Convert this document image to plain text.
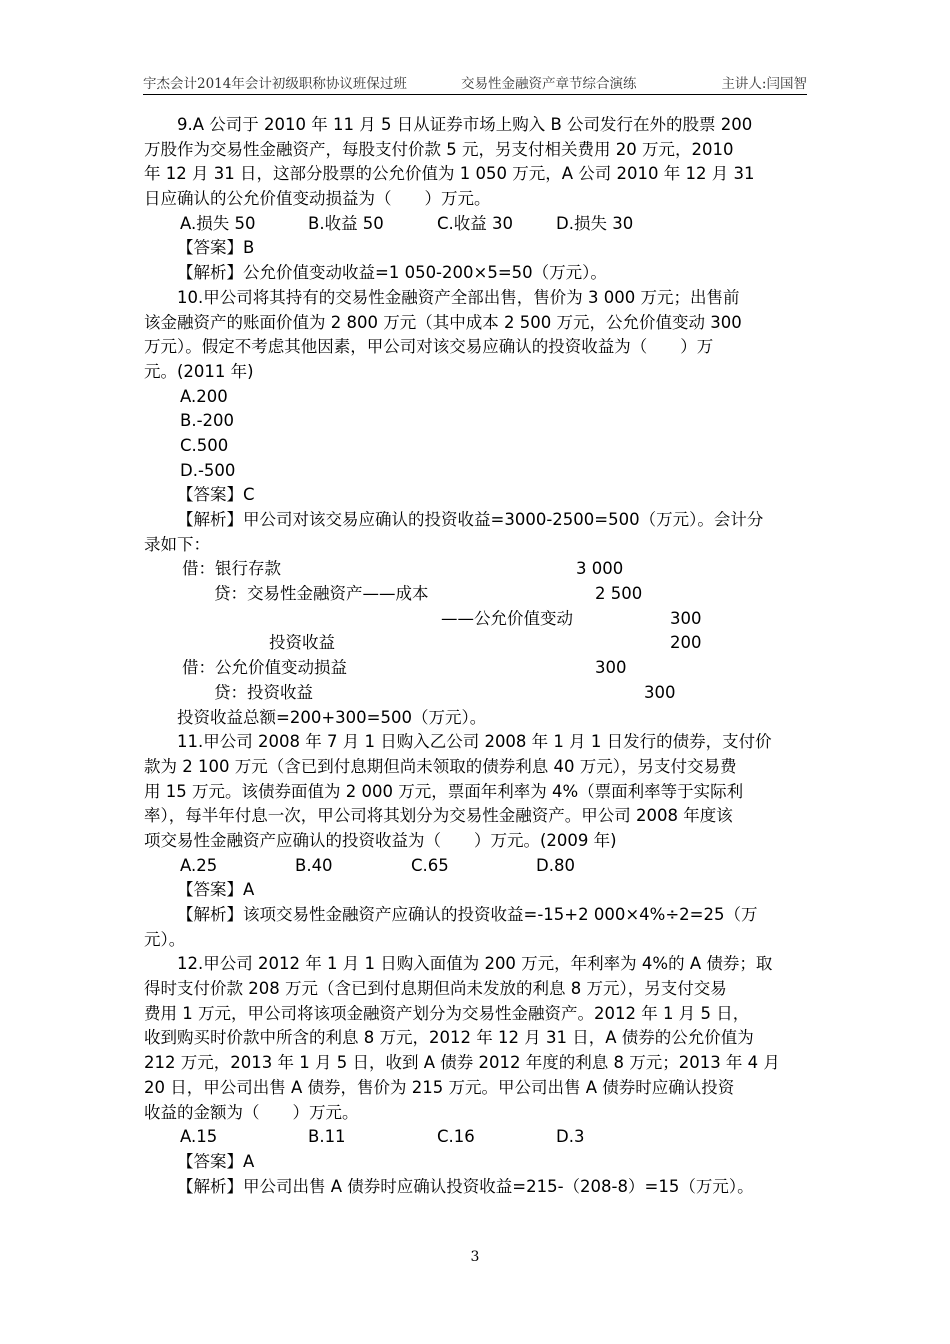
宇杰会计2014年会计初级职称协议班保过班	交易性金融资产章节综合演练	主讲人:闫国智
9.A 公司于 2010 年 11 月 5 日从证券市场上购入 B 公司发行在外的股票 200
万股作为交易性金融资产，每股支付价款 5 元，另支付相关费用 20 万元，2010
年 12 月 31 日，这部分股票的公允价值为 1 050 万元，A 公司 2010 年 12 月 31
日应确认的公允价值变动损益为（　　）万元。
A.损失 50	B.收益 50	C.收益 30	D.损失 30
【答案】B
【解析】公允价值变动收益=1 050-200×5=50（万元）。
10.甲公司将其持有的交易性金融资产全部出售，售价为 3 000 万元；出售前
该金融资产的账面价值为 2 800 万元（其中成本 2 500 万元，公允价值变动 300
万元）。假定不考虑其他因素，甲公司对该交易应确认的投资收益为（　　）万
元。(2011 年)
A.200
B.-200
C.500
D.-500
【答案】C
【解析】甲公司对该交易应确认的投资收益=3000-2500=500（万元）。会计分
录如下：
借：银行存款	3 000
贷：交易性金融资产——成本	2 500
——公允价值变动	300
投资收益	200
借：公允价值变动损益	300
贷：投资收益	300
投资收益总额=200+300=500（万元）。
11.甲公司 2008 年 7 月 1 日购入乙公司 2008 年 1 月 1 日发行的债券，支付价
款为 2 100 万元（含已到付息期但尚未领取的债券利息 40 万元），另支付交易费
用 15 万元。该债券面值为 2 000 万元，票面年利率为 4%（票面利率等于实际利
率），每半年付息一次，甲公司将其划分为交易性金融资产。甲公司 2008 年度该
项交易性金融资产应确认的投资收益为（　　）万元。(2009 年)
A.25	B.40	C.65	D.80
【答案】A
【解析】该项交易性金融资产应确认的投资收益=-15+2 000×4%÷2=25（万
元）。
12.甲公司 2012 年 1 月 1 日购入面值为 200 万元，年利率为 4%的 A 债券；取
得时支付价款 208 万元（含已到付息期但尚未发放的利息 8 万元），另支付交易
费用 1 万元，甲公司将该项金融资产划分为交易性金融资产。2012 年 1 月 5 日，
收到购买时价款中所含的利息 8 万元，2012 年 12 月 31 日，A 债券的公允价值为
212 万元，2013 年 1 月 5 日，收到 A 债券 2012 年度的利息 8 万元；2013 年 4 月
20 日，甲公司出售 A 债券，售价为 215 万元。甲公司出售 A 债券时应确认投资
收益的金额为（　　）万元。
A.15	B.11	C.16	D.3
【答案】A
【解析】甲公司出售 A 债券时应确认投资收益=215-（208-8）=15（万元）。
3
